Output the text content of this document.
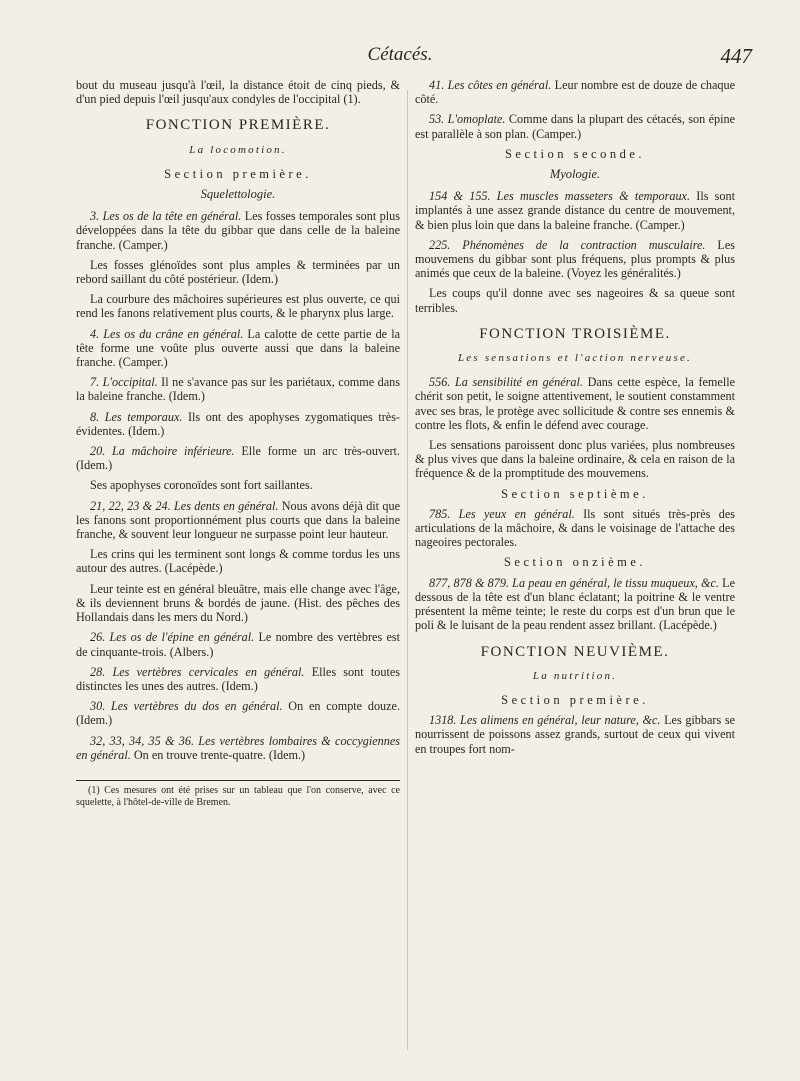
Cétacés.	447

bout du museau jusqu'à l'œil, la distance étoit de cinq pieds, & d'un pied depuis l'œil jusqu'aux condyles de l'occipital (1).

FONCTION PREMIÈRE.
La locomotion.
Section première.
Squelettologie.

3. Les os de la tête en général. Les fosses temporales sont plus développées dans la tête du gibbar que dans celle de la baleine franche. (Camper.)

Les fosses glénoïdes sont plus amples & terminées par un rebord saillant du côté postérieur. (Idem.)

La courbure des mâchoires supérieures est plus ouverte, ce qui rend les fanons relativement plus courts, & le pharynx plus large.

4. Les os du crâne en général. La calotte de cette partie de la tête forme une voûte plus ouverte aussi que dans la baleine franche. (Camper.)

7. L'occipital. Il ne s'avance pas sur les pariétaux, comme dans la baleine franche. (Idem.)

8. Les temporaux. Ils ont des apophyses zygomatiques très-évidentes. (Idem.)

20. La mâchoire inférieure. Elle forme un arc très-ouvert. (Idem.)

Ses apophyses coronoïdes sont fort saillantes.

21, 22, 23 & 24. Les dents en général. Nous avons déjà dit que les fanons sont proportionnément plus courts que dans la baleine franche, & souvent leur longueur ne surpasse point leur hauteur.

Les crins qui les terminent sont longs & comme tordus les uns autour des autres. (Lacépède.)

Leur teinte est en général bleuâtre, mais elle change avec l'âge, & ils deviennent bruns & bordés de jaune. (Hist. des pêches des Hollandais dans les mers du Nord.)

26. Les os de l'épine en général. Le nombre des vertèbres est de cinquante-trois. (Albers.)

28. Les vertèbres cervicales en général. Elles sont toutes distinctes les unes des autres. (Idem.)

30. Les vertèbres du dos en général. On en compte douze. (Idem.)

32, 33, 34, 35 & 36. Les vertèbres lombaires & coccygiennes en général. On en trouve trente-quatre. (Idem.)

(1) Ces mesures ont été prises sur un tableau que l'on conserve, avec ce squelette, à l'hôtel-de-ville de Bremen.

41. Les côtes en général. Leur nombre est de douze de chaque côté.

53. L'omoplate. Comme dans la plupart des cétacés, son épine est parallèle à son plan. (Camper.)

Section seconde.
Myologie.

154 & 155. Les muscles masseters & temporaux. Ils sont implantés à une assez grande distance du centre de mouvement, & bien plus loin que dans la baleine franche. (Camper.)

225. Phénomènes de la contraction musculaire. Les mouvemens du gibbar sont plus fréquens, plus prompts & plus animés que ceux de la baleine. (Voyez les généralités.)

Les coups qu'il donne avec ses nageoires & sa queue sont terribles.

FONCTION TROISIÈME.
Les sensations et l'action nerveuse.

556. La sensibilité en général. Dans cette espèce, la femelle chérit son petit, le soigne attentivement, le soutient constamment avec ses bras, le protège avec sollicitude & contre ses ennemis & contre les flots, & enfin le défend avec courage.

Les sensations paroissent donc plus variées, plus nombreuses & plus vives que dans la baleine ordinaire, & cela en raison de la fréquence & de la promptitude des mouvemens.

Section septième.

785. Les yeux en général. Ils sont situés très-près des articulations de la mâchoire, & dans le voisinage de l'attache des nageoires pectorales.

Section onzième.

877, 878 & 879. La peau en général, le tissu muqueux, &c. Le dessous de la tête est d'un blanc éclatant; la poitrine & le ventre présentent la même teinte; le reste du corps est d'un brun que le poli & le luisant de la peau rendent assez brillant. (Lacépède.)

FONCTION NEUVIÈME.
La nutrition.
Section première.

1318. Les alimens en général, leur nature, &c. Les gibbars se nourrissent de poissons assez grands, surtout de ceux qui vivent en troupes fort nom-
